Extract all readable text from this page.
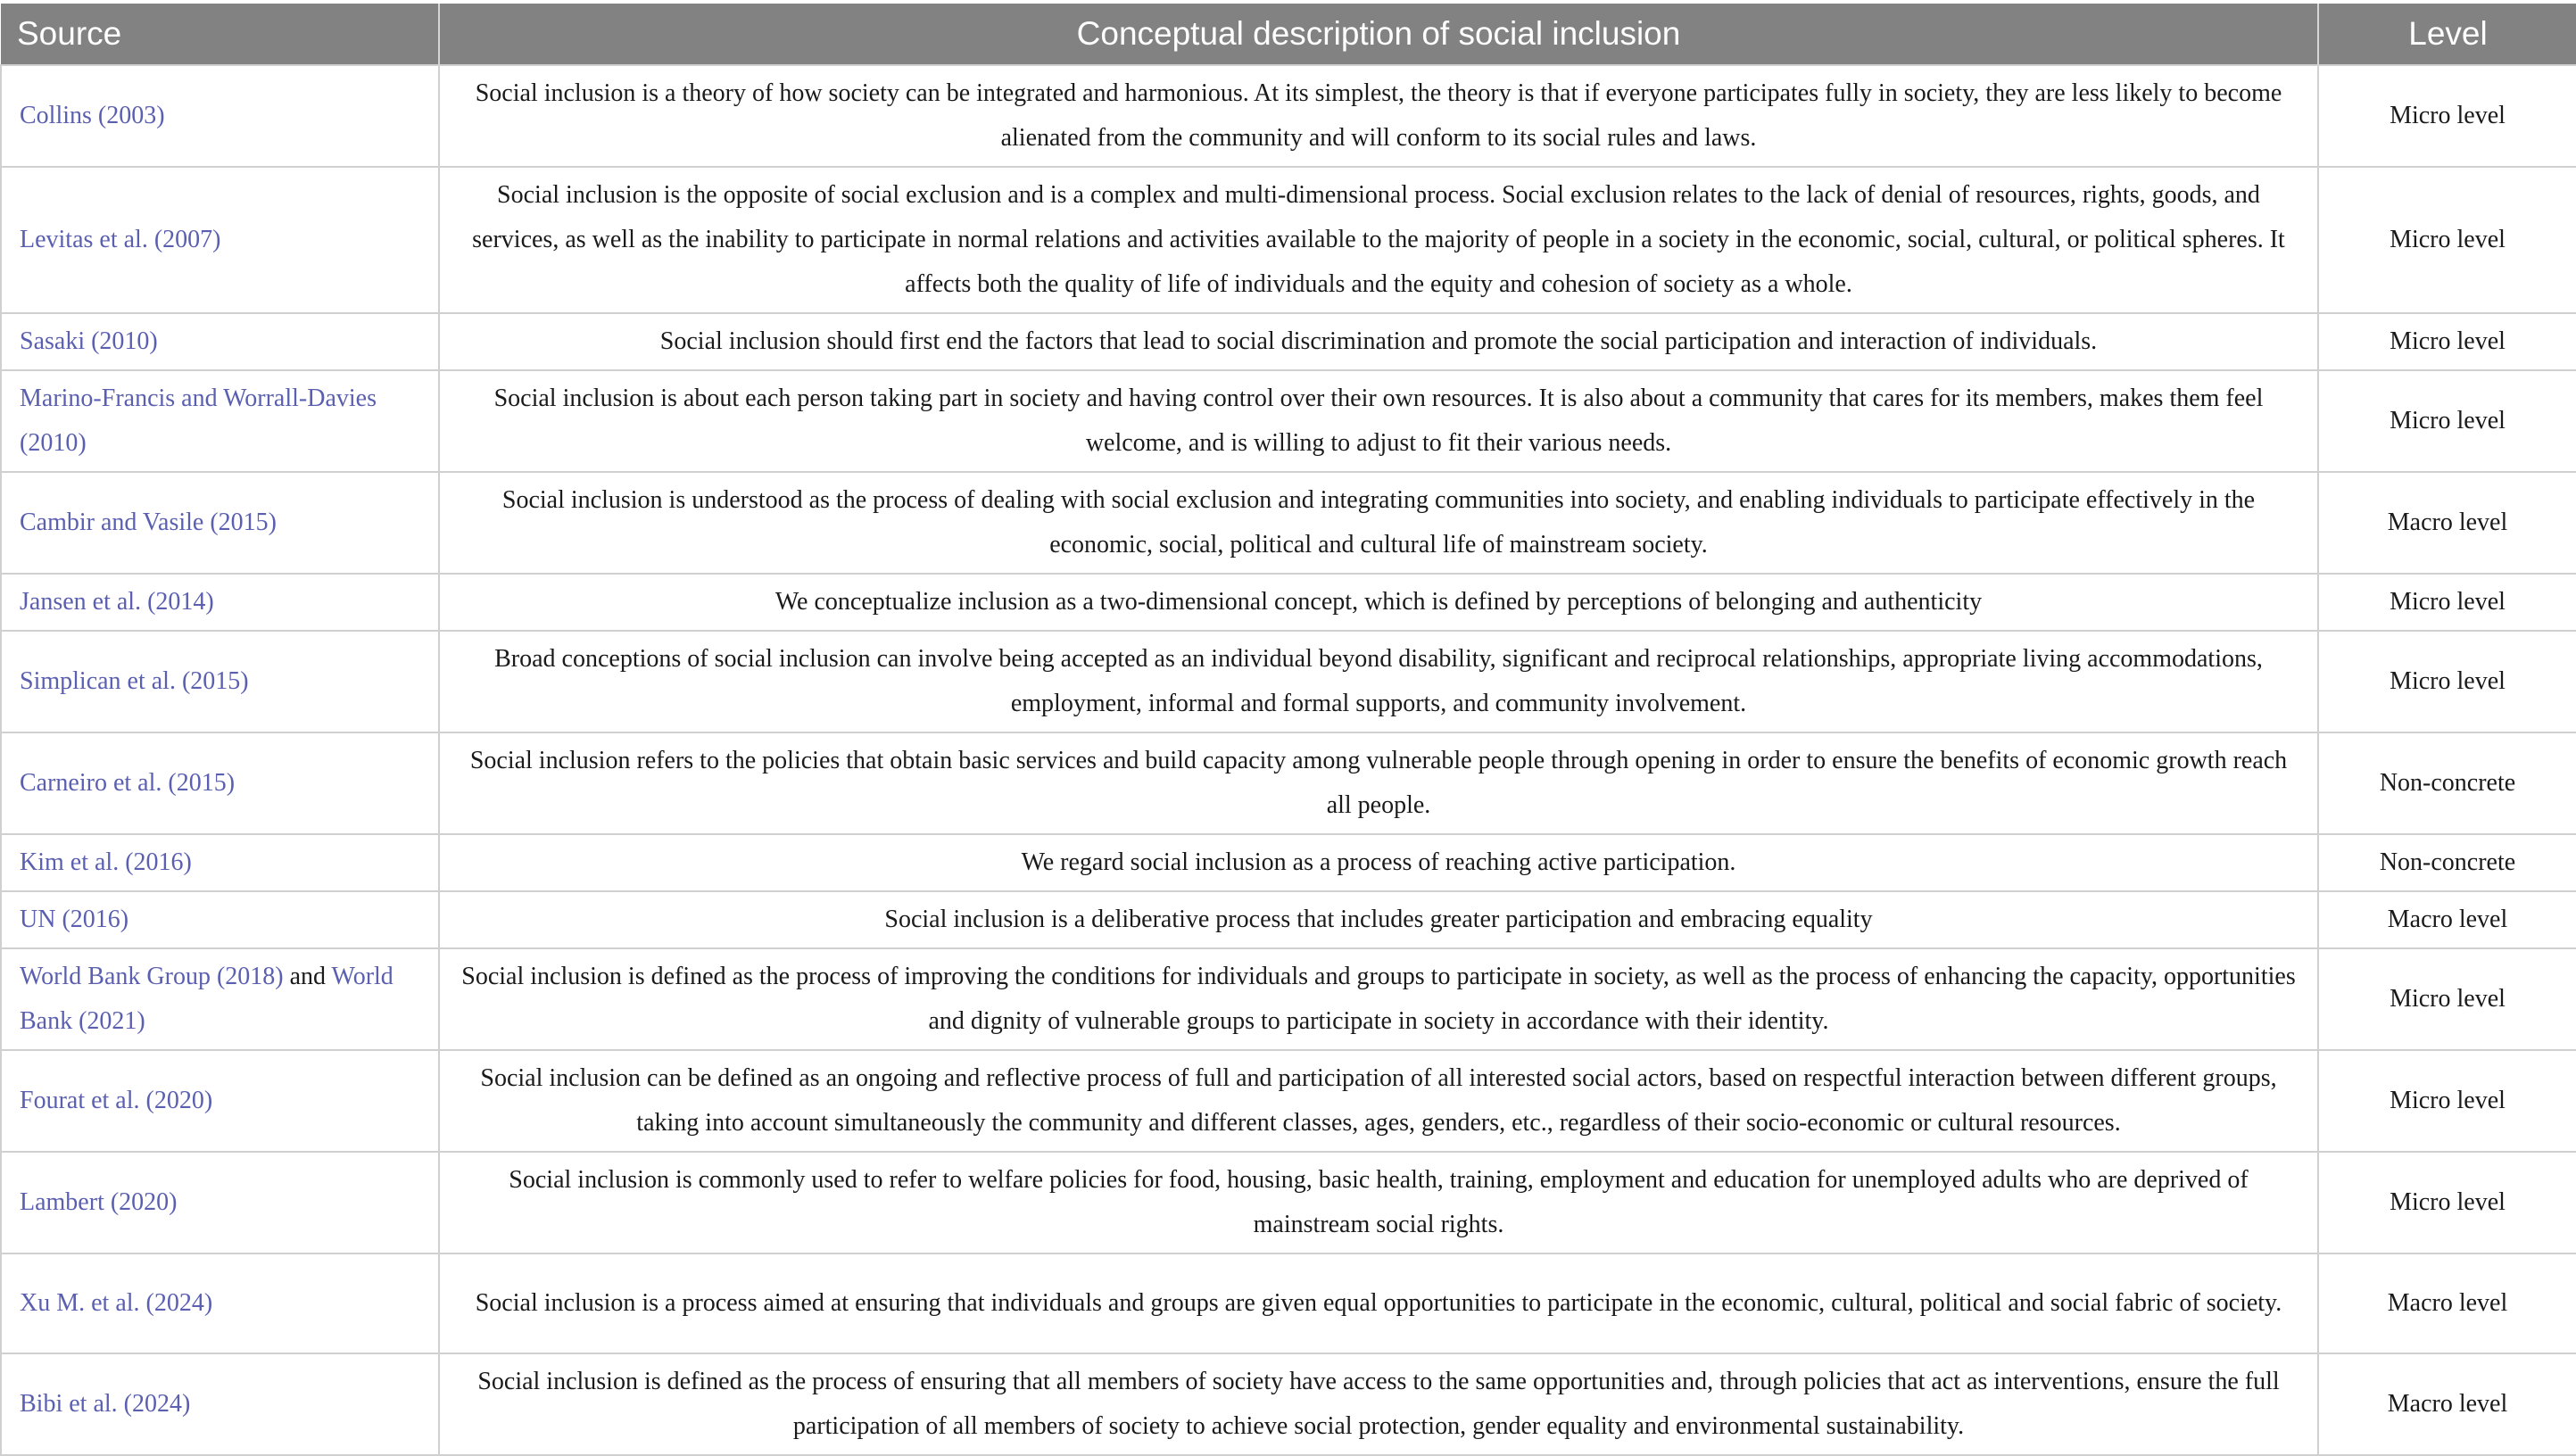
Source	Conceptual description of social inclusion	Level
Collins (2003)	Social inclusion is a theory of how society can be integrated and harmonious. At its simplest, the theory is that if everyone participates fully in society, they are less likely to become alienated from the community and will conform to its social rules and laws.	Micro level
Levitas et al. (2007)	Social inclusion is the opposite of social exclusion and is a complex and multi-dimensional process. Social exclusion relates to the lack of denial of resources, rights, goods, and services, as well as the inability to participate in normal relations and activities available to the majority of people in a society in the economic, social, cultural, or political spheres. It affects both the quality of life of individuals and the equity and cohesion of society as a whole.	Micro level
Sasaki (2010)	Social inclusion should first end the factors that lead to social discrimination and promote the social participation and interaction of individuals.	Micro level
Marino-Francis and Worrall-Davies (2010)	Social inclusion is about each person taking part in society and having control over their own resources. It is also about a community that cares for its members, makes them feel welcome, and is willing to adjust to fit their various needs.	Micro level
Cambir and Vasile (2015)	Social inclusion is understood as the process of dealing with social exclusion and integrating communities into society, and enabling individuals to participate effectively in the economic, social, political and cultural life of mainstream society.	Macro level
Jansen et al. (2014)	We conceptualize inclusion as a two-dimensional concept, which is defined by perceptions of belonging and authenticity	Micro level
Simplican et al. (2015)	Broad conceptions of social inclusion can involve being accepted as an individual beyond disability, significant and reciprocal relationships, appropriate living accommodations, employment, informal and formal supports, and community involvement.	Micro level
Carneiro et al. (2015)	Social inclusion refers to the policies that obtain basic services and build capacity among vulnerable people through opening in order to ensure the benefits of economic growth reach all people.	Non-concrete
Kim et al. (2016)	We regard social inclusion as a process of reaching active participation.	Non-concrete
UN (2016)	Social inclusion is a deliberative process that includes greater participation and embracing equality	Macro level
World Bank Group (2018) and World Bank (2021)	Social inclusion is defined as the process of improving the conditions for individuals and groups to participate in society, as well as the process of enhancing the capacity, opportunities and dignity of vulnerable groups to participate in society in accordance with their identity.	Micro level
Fourat et al. (2020)	Social inclusion can be defined as an ongoing and reflective process of full and participation of all interested social actors, based on respectful interaction between different groups, taking into account simultaneously the community and different classes, ages, genders, etc., regardless of their socio-economic or cultural resources.	Micro level
Lambert (2020)	Social inclusion is commonly used to refer to welfare policies for food, housing, basic health, training, employment and education for unemployed adults who are deprived of mainstream social rights.	Micro level
Xu M. et al. (2024)	Social inclusion is a process aimed at ensuring that individuals and groups are given equal opportunities to participate in the economic, cultural, political and social fabric of society.	Macro level
Bibi et al. (2024)	Social inclusion is defined as the process of ensuring that all members of society have access to the same opportunities and, through policies that act as interventions, ensure the full participation of all members of society to achieve social protection, gender equality and environmental sustainability.	Macro level
